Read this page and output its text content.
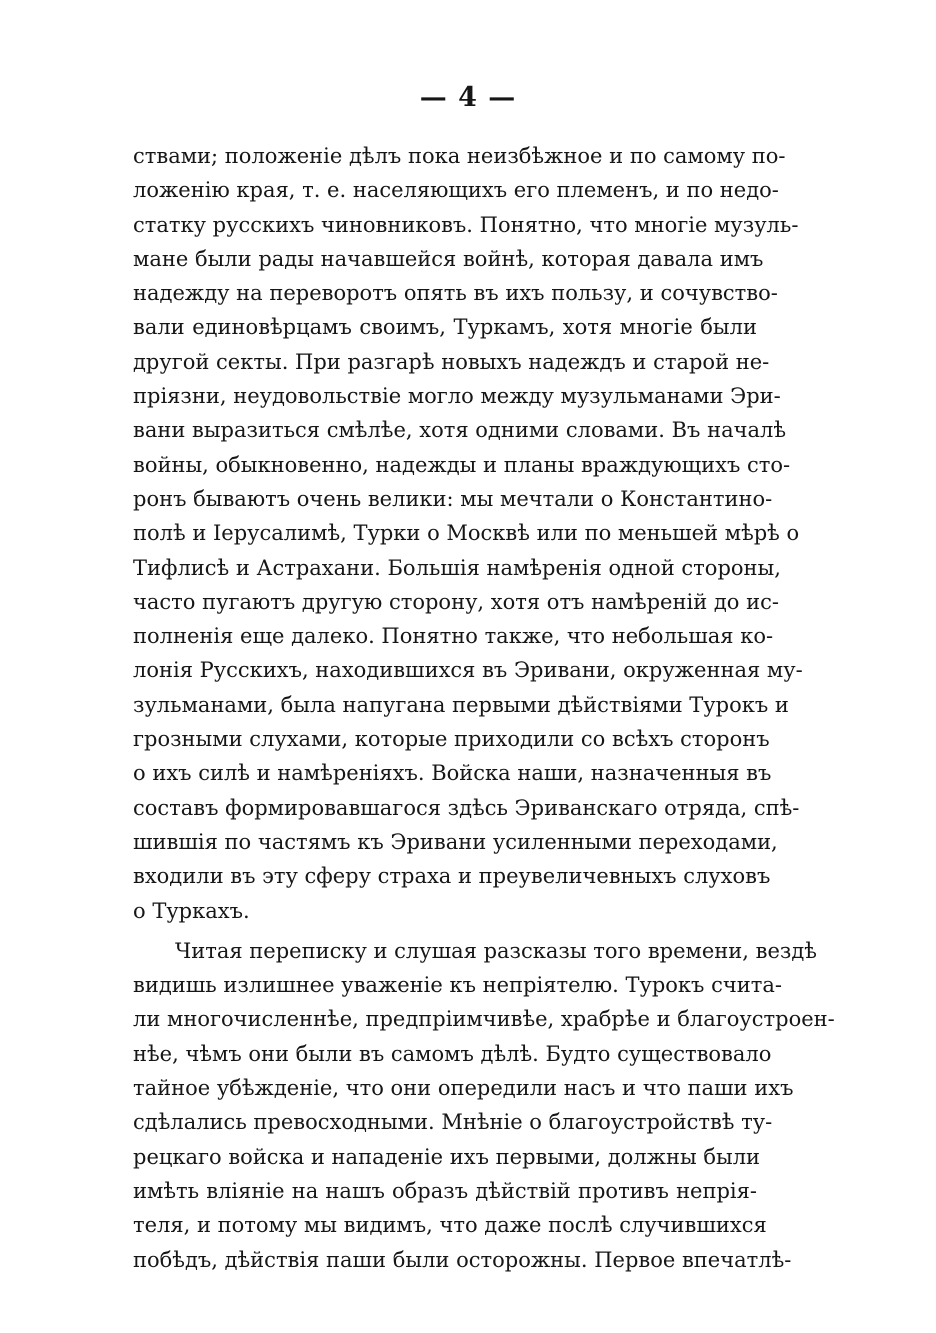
— 4 —
ствами; положеніе дѣлъ пока неизбѣжное и по самому по-
ложенію края, т. е. населяющихъ его племенъ, и по недо-
статку русскихъ чиновниковъ. Понятно, что многіе музуль-
мане были рады начавшейся войнѣ, которая давала имъ
надежду на переворотъ опять въ ихъ пользу, и сочувство-
вали единовѣрцамъ своимъ, Туркамъ, хотя многіе были
другой секты. При разгарѣ новыхъ надеждъ и старой не-
пріязни, неудовольствіе могло между музульманами Эри-
вани выразиться смѣлѣе, хотя одними словами. Въ началѣ
войны, обыкновенно, надежды и планы враждующихъ сто-
ронъ бываютъ очень велики: мы мечтали о Константино-
полѣ и Іерусалимѣ, Турки о Москвѣ или по меньшей мѣрѣ о
Тифлисѣ и Астрахани. Большія намѣренія одной стороны,
часто пугаютъ другую сторону, хотя отъ намѣреній до ис-
полненія еще далеко. Понятно также, что небольшая ко-
лонія Русскихъ, находившихся въ Эривани, окруженная му-
зульманами, была напугана первыми дѣйствіями Турокъ и
грозными слухами, которые приходили со всѣхъ сторонъ
о ихъ силѣ и намѣреніяхъ. Войска наши, назначенныя въ
составъ формировавшагося здѣсь Эриванскаго отряда, спѣ-
шившія по частямъ къ Эривани усиленными переходами,
входили въ эту сферу страха и преувеличевныхъ слуховъ
о Туркахъ.
Читая переписку и слушая разсказы того времени, вездѣ
видишь излишнее уваженіе къ непріятелю. Турокъ счита-
ли многочисленнѣе, предпріимчивѣе, храбрѣе и благоустроен-
нѣе, чѣмъ они были въ самомъ дѣлѣ. Будто существовало
тайное убѣжденіе, что они опередили насъ и что паши ихъ
сдѣлались превосходными. Мнѣніе о благоустройствѣ ту-
рецкаго войска и нападеніе ихъ первыми, должны были
имѣть вліяніе на нашъ образъ дѣйствій противъ непрія-
теля, и потому мы видимъ, что даже послѣ случившихся
побѣдъ, дѣйствія паши были осторожны. Первое впечатлѣ-
